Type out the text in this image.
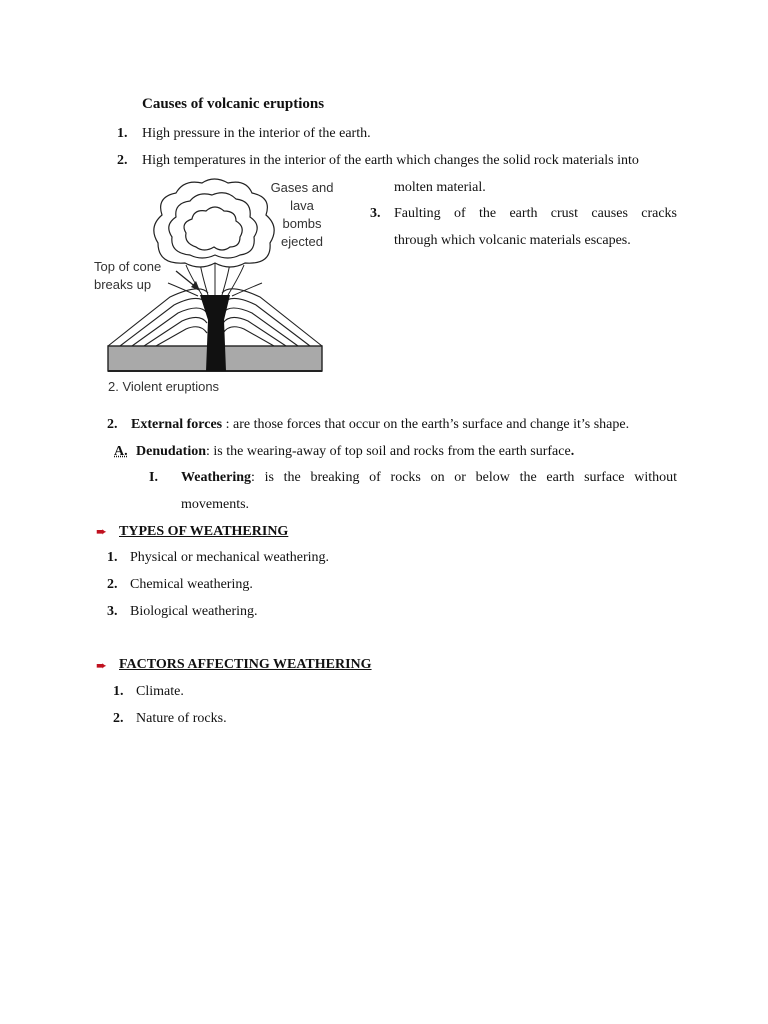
Causes of volcanic eruptions
1. High pressure in the interior of the earth.
2. High temperatures in the interior of the earth which changes the solid rock materials into
molten material.
3. Faulting of the earth crust causes cracks
through which volcanic materials escapes.
Gases and
lava
bombs
ejected
Top of cone
breaks up
2. Violent eruptions
2. External forces : are those forces that occur on the earth’s surface and change it’s shape.
A. Denudation: is the wearing-away of top soil and rocks from the earth surface.
I. Weathering: is the breaking of rocks on or below the earth surface without
movements.
➨ TYPES OF WEATHERING
1. Physical or mechanical weathering.
2. Chemical weathering.
3. Biological weathering.
➨ FACTORS AFFECTING WEATHERING
1. Climate.
2. Nature of rocks.
